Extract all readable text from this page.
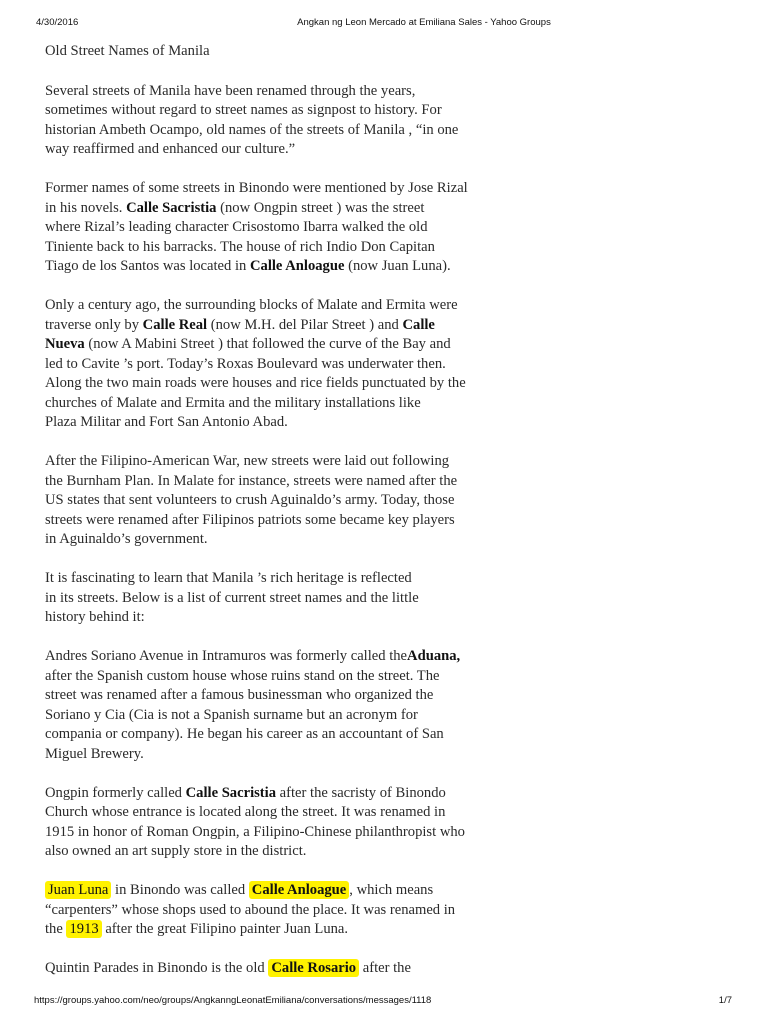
4/30/2016	Angkan ng Leon Mercado at Emiliana Sales - Yahoo Groups

Old Street Names of Manila

Several streets of Manila have been renamed through the years,
sometimes without regard to street names as signpost to history. For
historian Ambeth Ocampo, old names of the streets of Manila , “in one
way reaffirmed and enhanced our culture.”

Former names of some streets in Binondo were mentioned by Jose Rizal
in his novels. Calle Sacristia (now Ongpin street ) was the street
where Rizal’s leading character Crisostomo Ibarra walked the old
Tiniente back to his barracks. The house of rich Indio Don Capitan
Tiago de los Santos was located in Calle Anloague (now Juan Luna).

Only a century ago, the surrounding blocks of Malate and Ermita were
traverse only by Calle Real (now M.H. del Pilar Street ) and Calle
Nueva (now A Mabini Street ) that followed the curve of the Bay and
led to Cavite ’s port. Today’s Roxas Boulevard was underwater then.
Along the two main roads were houses and rice fields punctuated by the
churches of Malate and Ermita and the military installations like
Plaza Militar and Fort San Antonio Abad.

After the Filipino-American War, new streets were laid out following
the Burnham Plan. In Malate for instance, streets were named after the
US states that sent volunteers to crush Aguinaldo’s army. Today, those
streets were renamed after Filipinos patriots some became key players
in Aguinaldo’s government.

It is fascinating to learn that Manila ’s rich heritage is reflected
in its streets. Below is a list of current street names and the little
history behind it:

Andres Soriano Avenue in Intramuros was formerly called theAduana,
after the Spanish custom house whose ruins stand on the street. The
street was renamed after a famous businessman who organized the
Soriano y Cia (Cia is not a Spanish surname but an acronym for
compania or company). He began his career as an accountant of San
Miguel Brewery.

Ongpin formerly called Calle Sacristia after the sacristy of Binondo
Church whose entrance is located along the street. It was renamed in
1915 in honor of Roman Ongpin, a Filipino-Chinese philanthropist who
also owned an art supply store in the district.

Juan Luna in Binondo was called Calle Anloague , which means
“carpenters” whose shops used to abound the place. It was renamed in
the 1913 after the great Filipino painter Juan Luna.

Quintin Parades in Binondo is the old Calle Rosario after the

https://groups.yahoo.com/neo/groups/AngkanngLeonatEmiliana/conversations/messages/1118	1/7
